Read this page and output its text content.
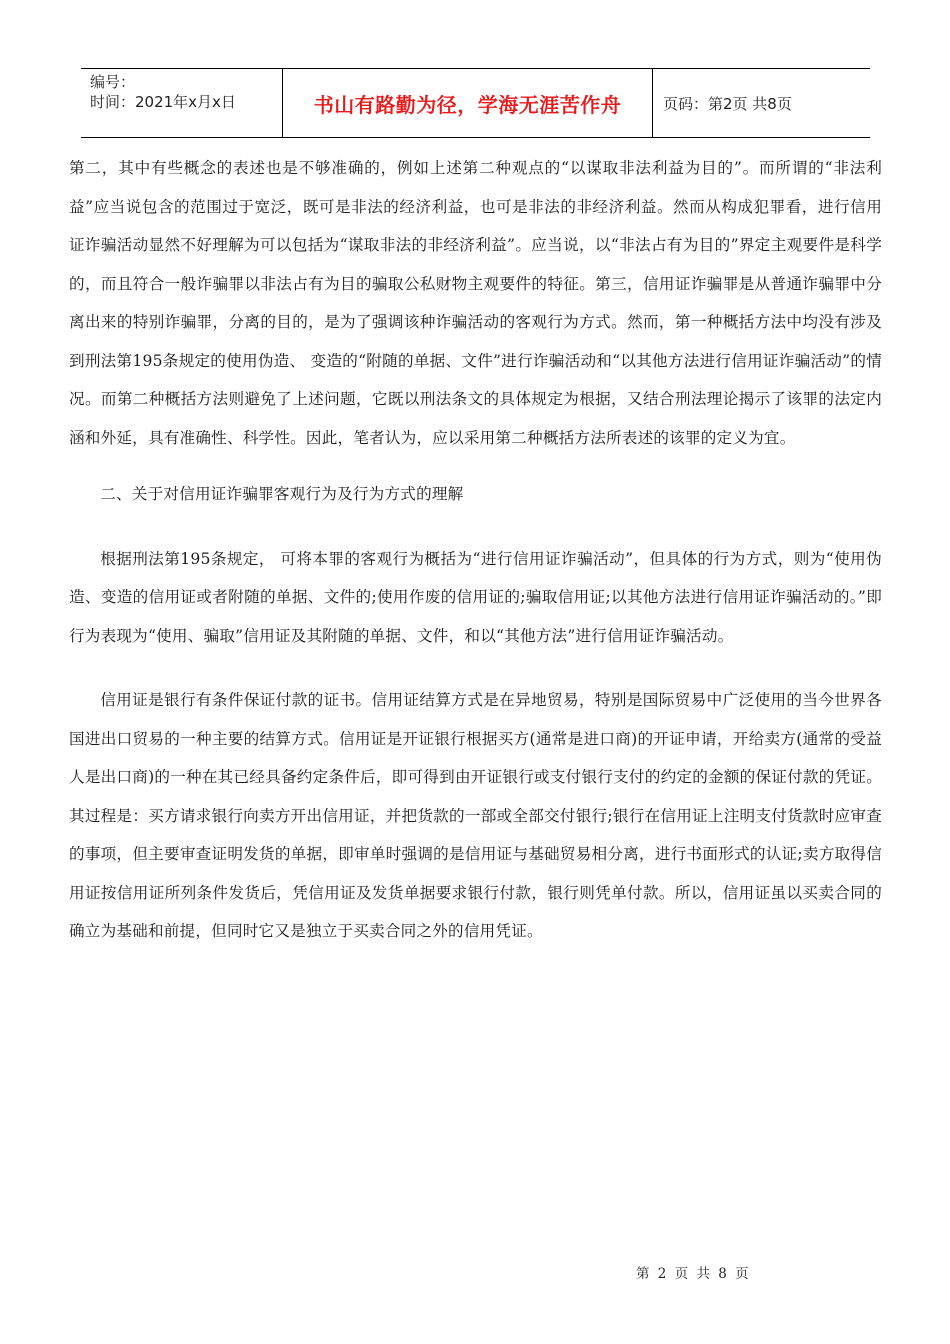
编号：
时间：2021年x月x日	书山有路勤为径，学海无涯苦作舟	页码：第2页 共8页

第二，其中有些概念的表述也是不够准确的，例如上述第二种观点的“以谋取非法利益为目的”。而所谓的“非法利益”应当说包含的范围过于宽泛，既可是非法的经济利益，也可是非法的非经济利益。然而从构成犯罪看，进行信用证诈骗活动显然不好理解为可以包括为“谋取非法的非经济利益”。应当说，以“非法占有为目的”界定主观要件是科学的，而且符合一般诈骗罪以非法占有为目的骗取公私财物主观要件的特征。第三，信用证诈骗罪是从普通诈骗罪中分离出来的特别诈骗罪，分离的目的，是为了强调该种诈骗活动的客观行为方式。然而，第一种概括方法中均没有涉及到刑法第195条规定的使用伪造、 变造的“附随的单据、文件”进行诈骗活动和“以其他方法进行信用证诈骗活动”的情况。而第二种概括方法则避免了上述问题，它既以刑法条文的具体规定为根据，又结合刑法理论揭示了该罪的法定内涵和外延，具有准确性、科学性。因此，笔者认为，应以采用第二种概括方法所表述的该罪的定义为宜。

二、关于对信用证诈骗罪客观行为及行为方式的理解

根据刑法第195条规定， 可将本罪的客观行为概括为“进行信用证诈骗活动”，但具体的行为方式，则为“使用伪造、变造的信用证或者附随的单据、文件的;使用作废的信用证的;骗取信用证;以其他方法进行信用证诈骗活动的。”即行为表现为“使用、骗取”信用证及其附随的单据、文件，和以“其他方法”进行信用证诈骗活动。

信用证是银行有条件保证付款的证书。信用证结算方式是在异地贸易，特别是国际贸易中广泛使用的当今世界各国进出口贸易的一种主要的结算方式。信用证是开证银行根据买方(通常是进口商)的开证申请，开给卖方(通常的受益人是出口商)的一种在其已经具备约定条件后，即可得到由开证银行或支付银行支付的约定的金额的保证付款的凭证。其过程是：买方请求银行向卖方开出信用证，并把货款的一部或全部交付银行;银行在信用证上注明支付货款时应审查的事项，但主要审查证明发货的单据，即审单时强调的是信用证与基础贸易相分离，进行书面形式的认证;卖方取得信用证按信用证所列条件发货后，凭信用证及发货单据要求银行付款，银行则凭单付款。所以，信用证虽以买卖合同的确立为基础和前提，但同时它又是独立于买卖合同之外的信用凭证。

第 2 页 共 8 页
